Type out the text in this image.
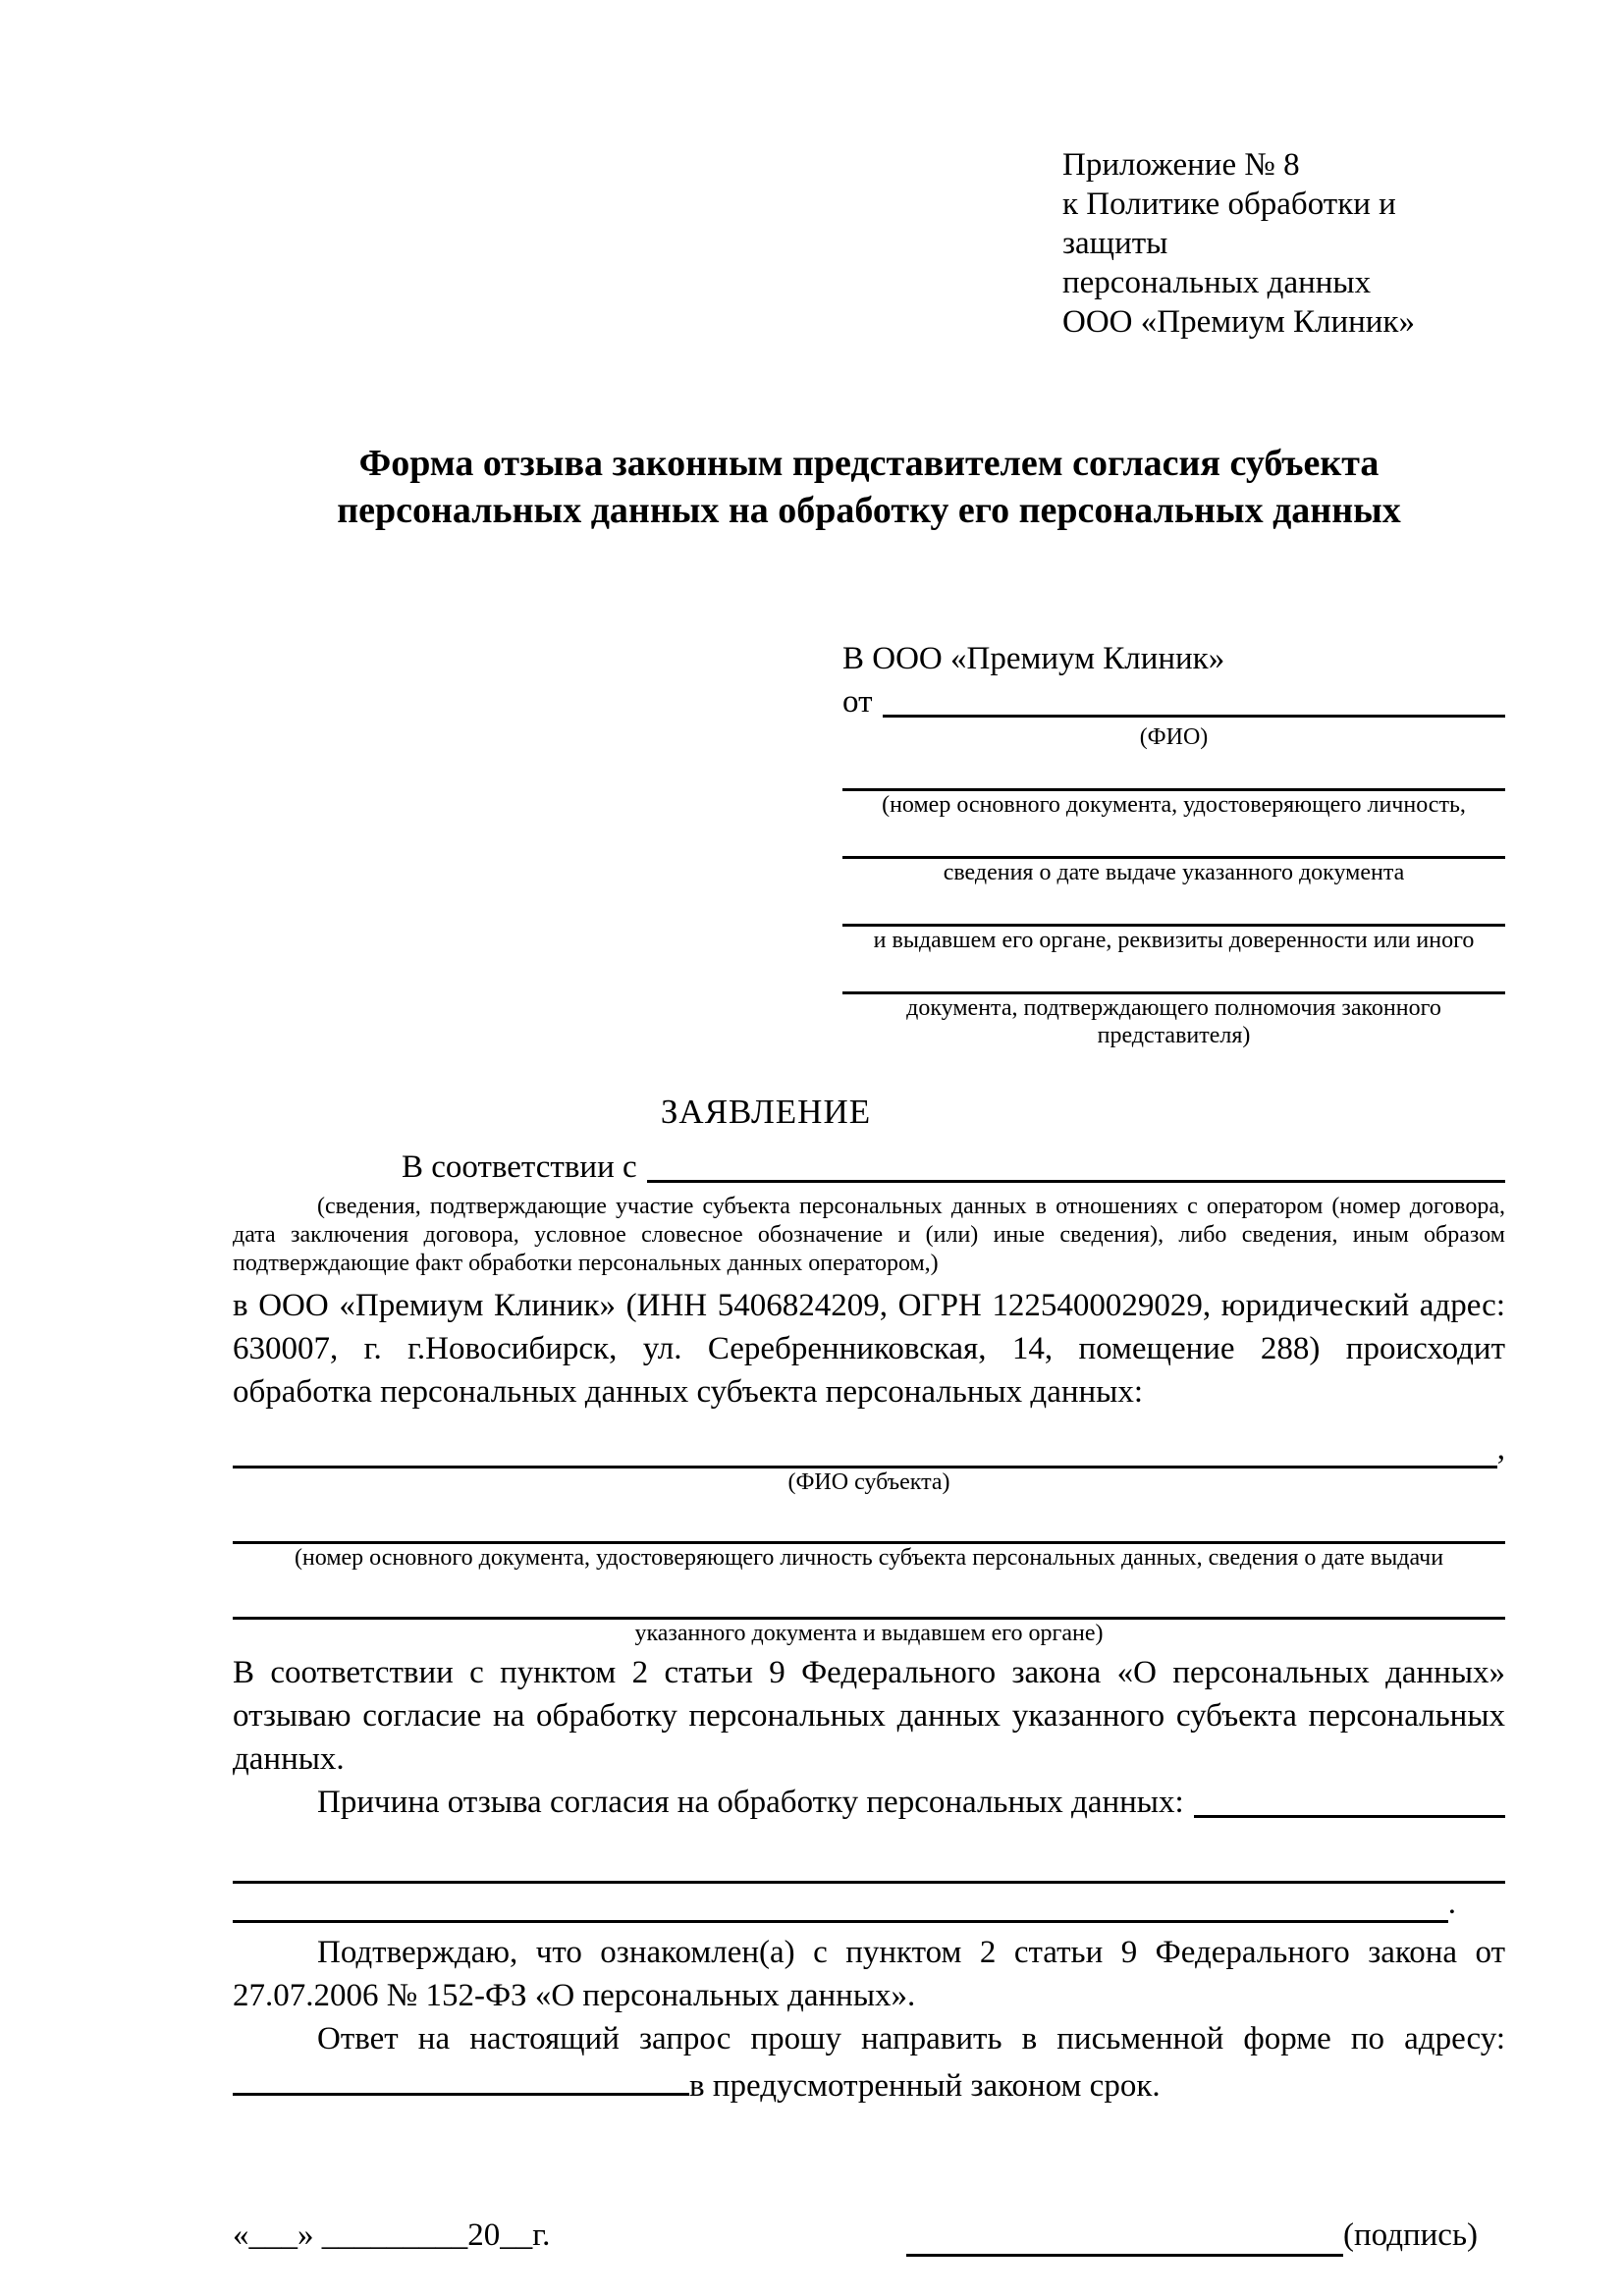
Приложение № 8
к Политике обработки и защиты
персональных данных
ООО «Премиум Клиник»
Форма отзыва законным представителем согласия субъекта
персональных данных на обработку его персональных данных
В ООО «Премиум Клиник»
от
(ФИО)
(номер основного документа, удостоверяющего личность,
сведения о дате выдаче указанного документа
и выдавшем его органе, реквизиты доверенности или иного
документа, подтверждающего полномочия законного представителя)
ЗАЯВЛЕНИЕ
В соответствии с
(сведения, подтверждающие участие субъекта персональных данных в отношениях с оператором (номер договора, дата заключения договора, условное словесное обозначение и (или) иные сведения), либо сведения, иным образом подтверждающие факт обработки персональных данных оператором,)
в ООО «Премиум Клиник» (ИНН 5406824209, ОГРН 1225400029029, юридический адрес: 630007, г. г.Новосибирск, ул. Серебренниковская, 14, помещение 288) происходит обработка персональных данных субъекта персональных данных:
,
(ФИО субъекта)
(номер основного документа, удостоверяющего личность субъекта персональных данных, сведения о дате выдачи
указанного документа и выдавшем его органе)
В соответствии с пунктом 2 статьи 9 Федерального закона «О персональных данных» отзываю согласие на обработку персональных данных указанного субъекта персональных данных.
Причина отзыва согласия на обработку персональных данных:
.
Подтверждаю, что ознакомлен(а) с пунктом 2 статьи 9 Федерального закона от 27.07.2006 № 152-ФЗ «О персональных данных».
Ответ на настоящий запрос прошу направить в письменной форме по адресу: в предусмотренный законом срок.
«___» _________20__г.	(подпись)
